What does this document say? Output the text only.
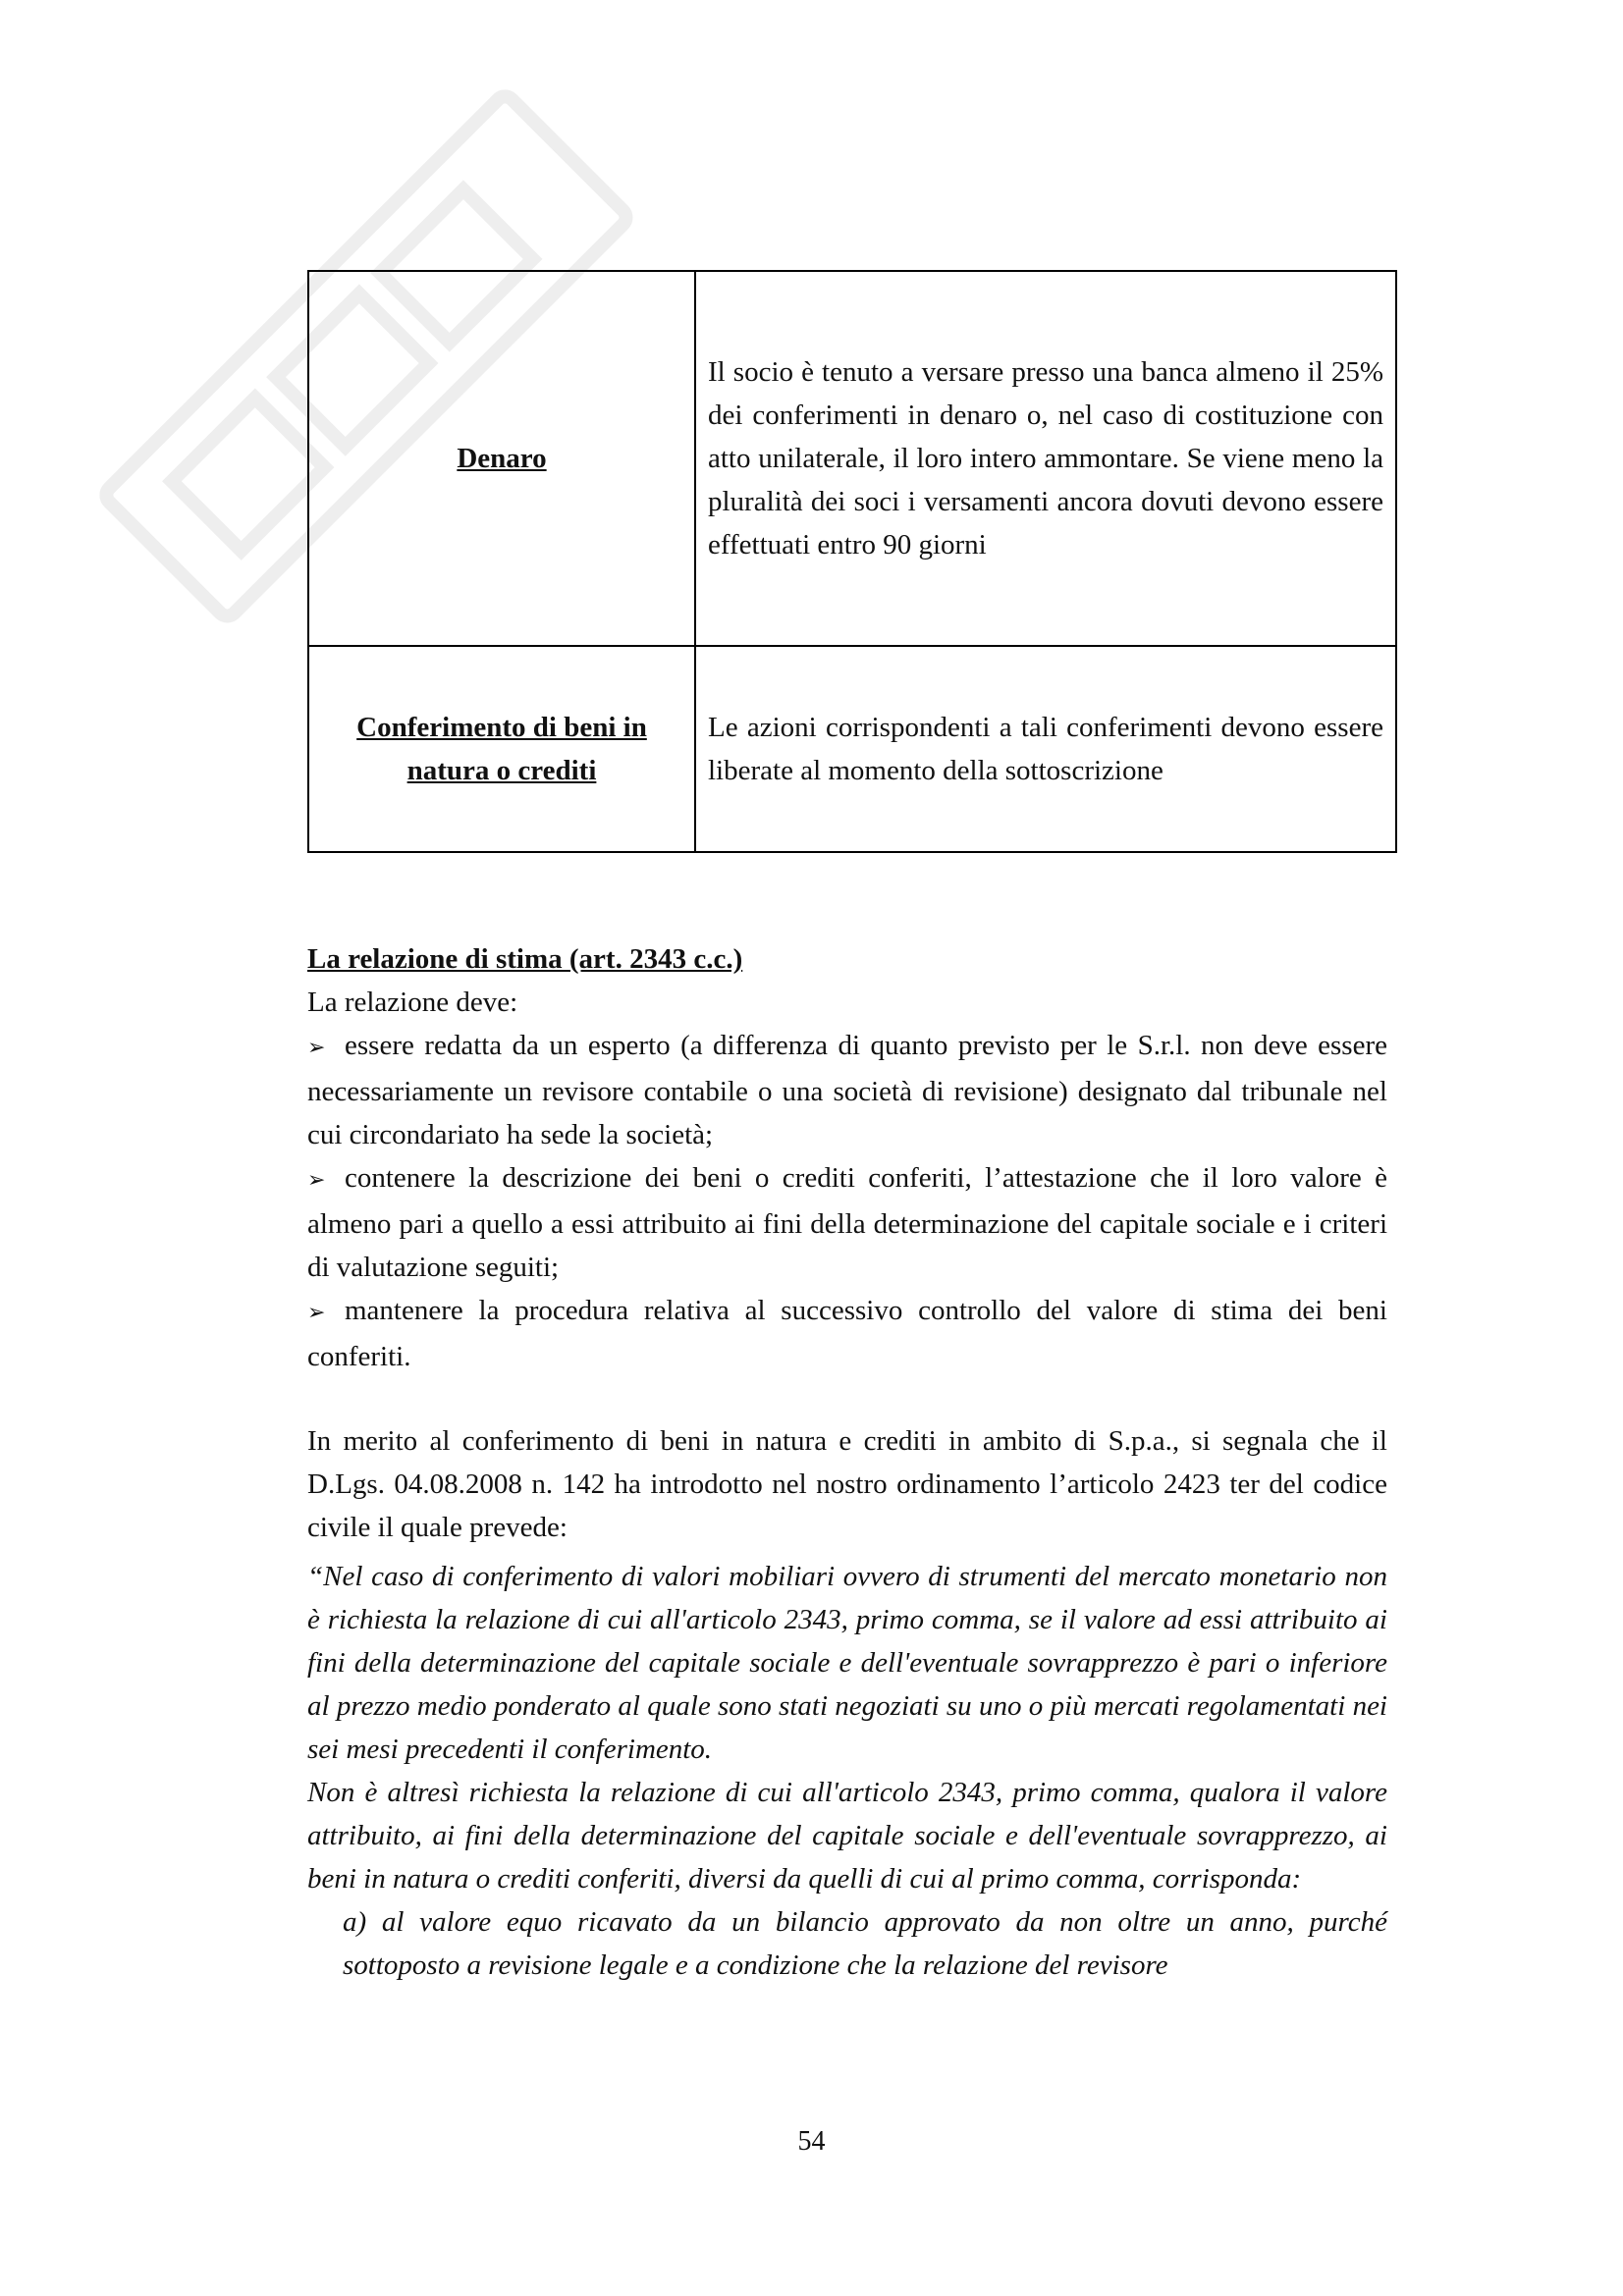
Denaro	Il socio è tenuto a versare presso una banca almeno il 25% dei conferimenti in denaro o, nel caso di costituzione con atto unilaterale, il loro intero ammontare. Se viene meno la pluralità dei soci i versamenti ancora dovuti devono essere effettuati entro 90 giorni
Conferimento di beni in natura o crediti	Le azioni corrispondenti a tali conferimenti devono essere liberate al momento della sottoscrizione
La relazione di stima (art. 2343 c.c.)
La relazione deve:
➢ essere redatta da un esperto (a differenza di quanto previsto per le S.r.l. non deve essere necessariamente un revisore contabile o una società di revisione) designato dal tribunale nel cui circondariato ha sede la società;
➢ contenere la descrizione dei beni o crediti conferiti, l’attestazione che il loro valore è almeno pari a quello a essi attribuito ai fini della determinazione del capitale sociale e i criteri di valutazione seguiti;
➢ mantenere la procedura relativa al successivo controllo del valore di stima dei beni conferiti.
In merito al conferimento di beni in natura e crediti in ambito di S.p.a., si segnala che il D.Lgs. 04.08.2008 n. 142 ha introdotto nel nostro ordinamento l’articolo 2423 ter del codice civile il quale prevede:
“Nel caso di conferimento di valori mobiliari ovvero di strumenti del mercato monetario non è richiesta la relazione di cui all'articolo 2343, primo comma, se il valore ad essi attribuito ai fini della determinazione del capitale sociale e dell'eventuale sovrapprezzo è pari o inferiore al prezzo medio ponderato al quale sono stati negoziati su uno o più mercati regolamentati nei sei mesi precedenti il conferimento.
Non è altresì richiesta la relazione di cui all'articolo 2343, primo comma, qualora il valore attribuito, ai fini della determinazione del capitale sociale e dell'eventuale sovrapprezzo, ai beni in natura o crediti conferiti, diversi da quelli di cui al primo comma, corrisponda:
a) al valore equo ricavato da un bilancio approvato da non oltre un anno, purché sottoposto a revisione legale e a condizione che la relazione del revisore
54
